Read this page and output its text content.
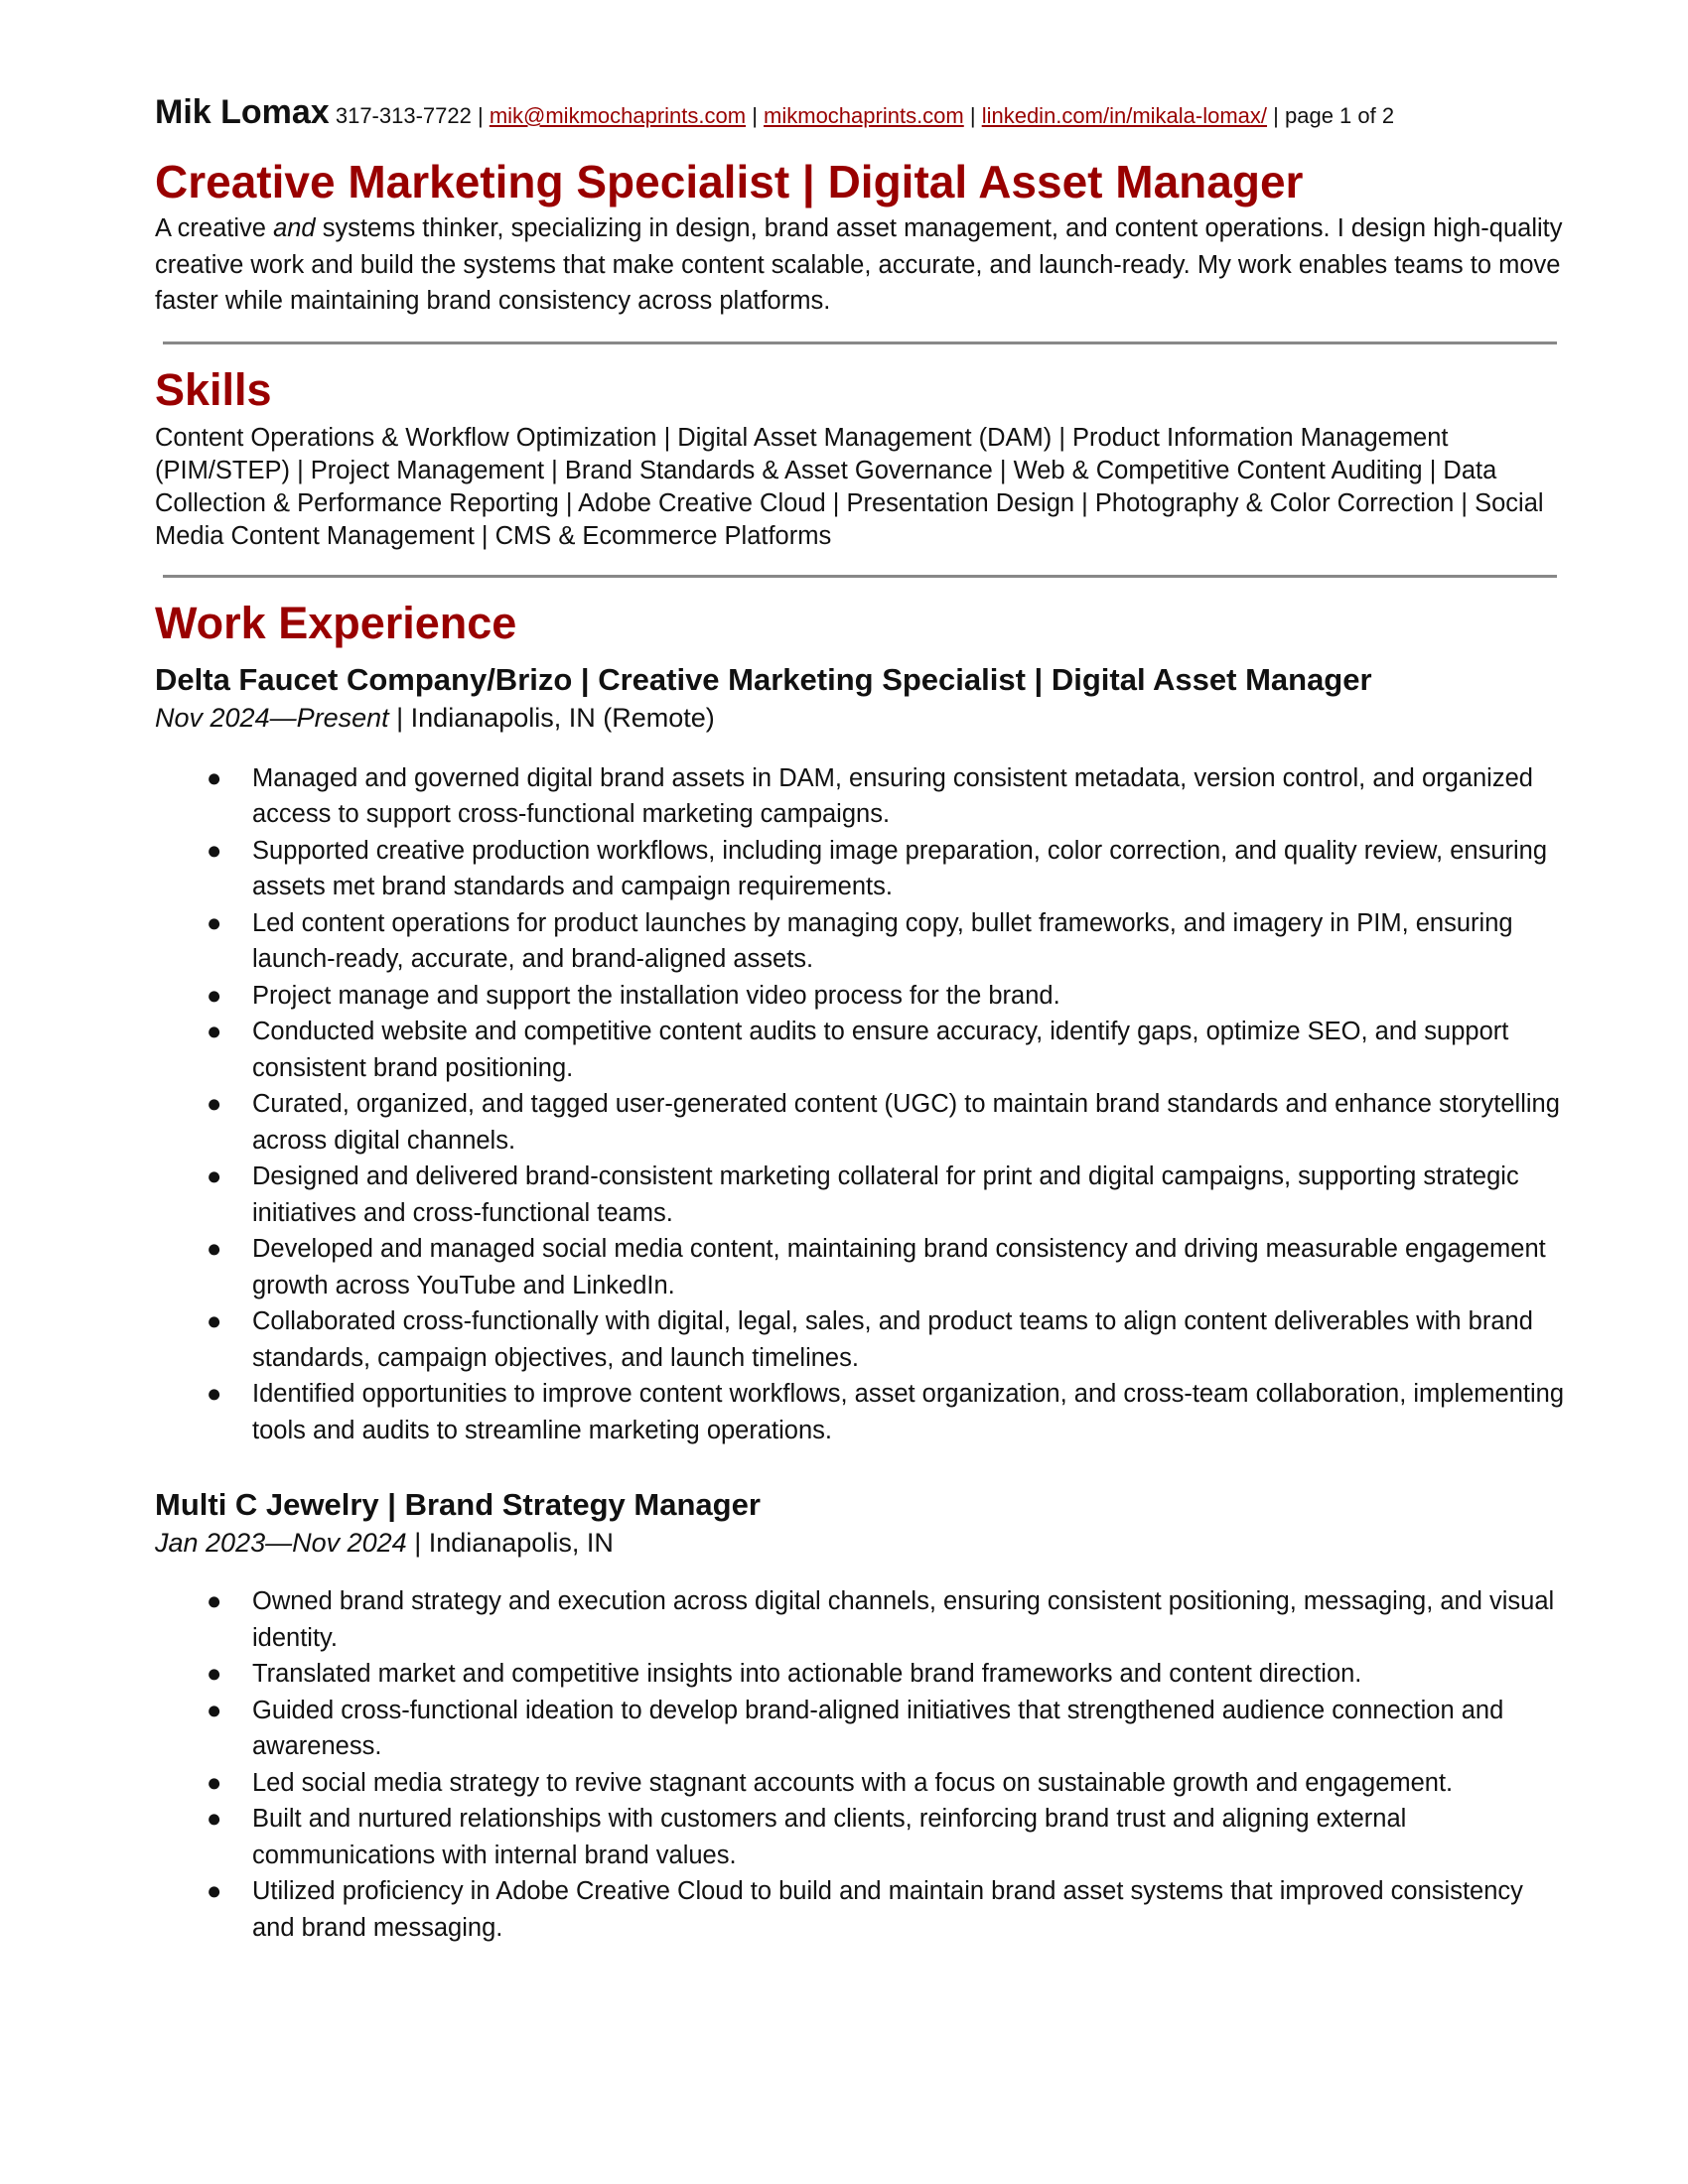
Mik Lomax 317-313-7722 | mik@mikmochaprints.com | mikmochaprints.com | linkedin.com/in/mikala-lomax/ | page 1 of 2
Creative Marketing Specialist | Digital Asset Manager

A creative and systems thinker, specializing in design, brand asset management, and content operations. I design high-quality creative work and build the systems that make content scalable, accurate, and launch-ready. My work enables teams to move faster while maintaining brand consistency across platforms.

Skills

Content Operations & Workflow Optimization | Digital Asset Management (DAM) | Product Information Management (PIM/STEP) | Project Management | Brand Standards & Asset Governance | Web & Competitive Content Auditing | Data Collection & Performance Reporting | Adobe Creative Cloud | Presentation Design | Photography & Color Correction | Social Media Content Management | CMS & Ecommerce Platforms

Work Experience
Delta Faucet Company/Brizo | Creative Marketing Specialist | Digital Asset Manager
Nov 2024—Present | Indianapolis, IN (Remote)
● Managed and governed digital brand assets in DAM, ensuring consistent metadata, version control, and organized access to support cross-functional marketing campaigns.
● Supported creative production workflows, including image preparation, color correction, and quality review, ensuring assets met brand standards and campaign requirements.
● Led content operations for product launches by managing copy, bullet frameworks, and imagery in PIM, ensuring launch-ready, accurate, and brand-aligned assets.
● Project manage and support the installation video process for the brand.
● Conducted website and competitive content audits to ensure accuracy, identify gaps, optimize SEO, and support consistent brand positioning.
● Curated, organized, and tagged user-generated content (UGC) to maintain brand standards and enhance storytelling across digital channels.
● Designed and delivered brand-consistent marketing collateral for print and digital campaigns, supporting strategic initiatives and cross-functional teams.
● Developed and managed social media content, maintaining brand consistency and driving measurable engagement growth across YouTube and LinkedIn.
● Collaborated cross-functionally with digital, legal, sales, and product teams to align content deliverables with brand standards, campaign objectives, and launch timelines.
● Identified opportunities to improve content workflows, asset organization, and cross-team collaboration, implementing tools and audits to streamline marketing operations.
Multi C Jewelry | Brand Strategy Manager
Jan 2023—Nov 2024 | Indianapolis, IN
● Owned brand strategy and execution across digital channels, ensuring consistent positioning, messaging, and visual identity.
● Translated market and competitive insights into actionable brand frameworks and content direction.
● Guided cross-functional ideation to develop brand-aligned initiatives that strengthened audience connection and awareness.
● Led social media strategy to revive stagnant accounts with a focus on sustainable growth and engagement.
● Built and nurtured relationships with customers and clients, reinforcing brand trust and aligning external communications with internal brand values.
● Utilized proficiency in Adobe Creative Cloud to build and maintain brand asset systems that improved consistency and brand messaging.
